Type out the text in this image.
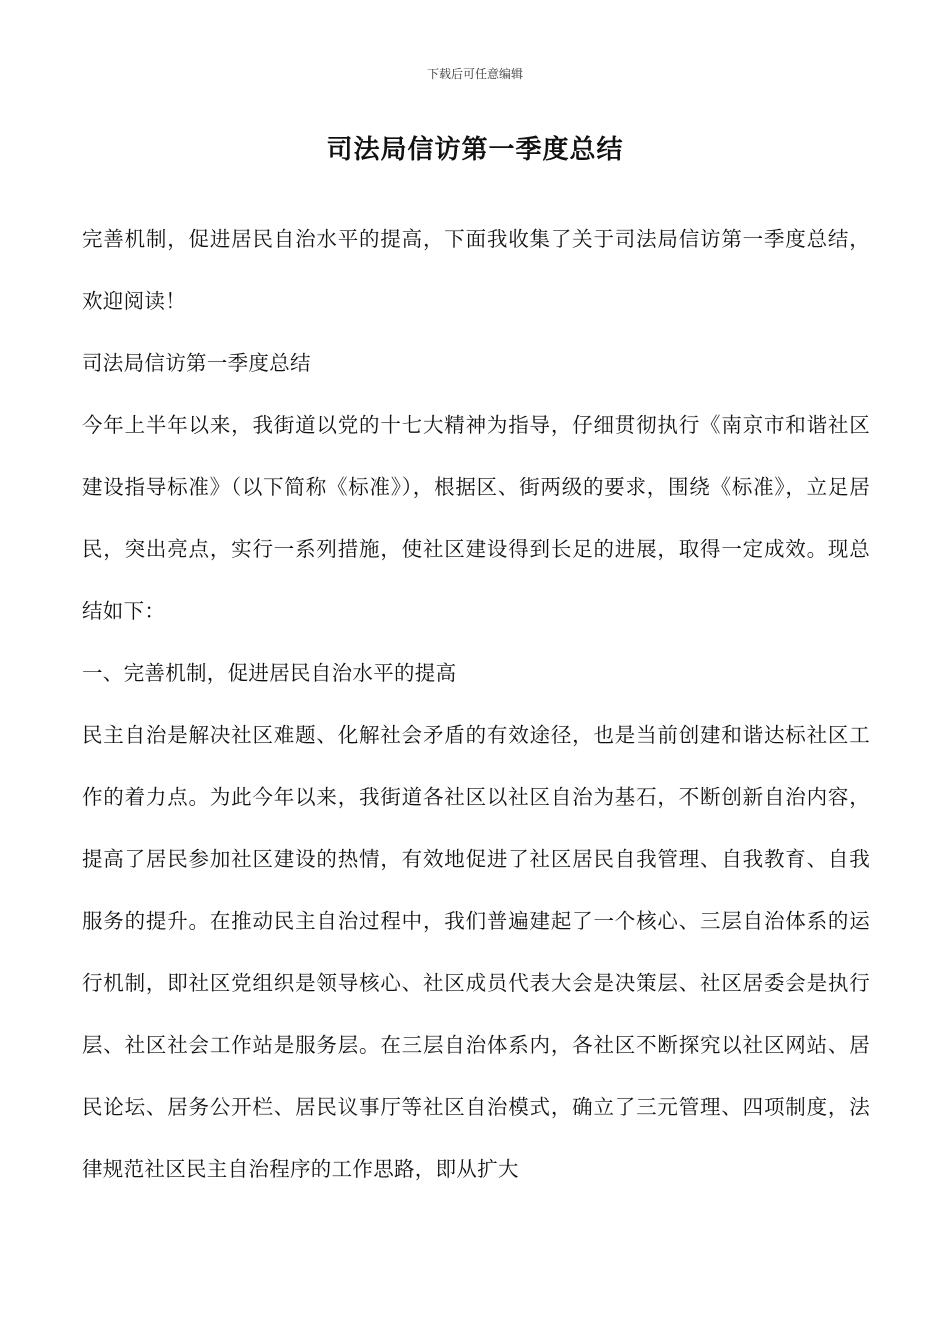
下载后可任意编辑
司法局信访第一季度总结

完善机制，促进居民自治水平的提高，下面我收集了关于司法局信访第一季度总结，欢迎阅读！

司法局信访第一季度总结

今年上半年以来，我街道以党的十七大精神为指导，仔细贯彻执行《南京市和谐社区建设指导标准》（以下简称《标准》），根据区、街两级的要求，围绕《标准》，立足居民，突出亮点，实行一系列措施，使社区建设得到长足的进展，取得一定成效。现总结如下：

一、完善机制，促进居民自治水平的提高

民主自治是解决社区难题、化解社会矛盾的有效途径，也是当前创建和谐达标社区工作的着力点。为此今年以来，我街道各社区以社区自治为基石，不断创新自治内容，提高了居民参加社区建设的热情，有效地促进了社区居民自我管理、自我教育、自我服务的提升。在推动民主自治过程中，我们普遍建起了一个核心、三层自治体系的运行机制，即社区党组织是领导核心、社区成员代表大会是决策层、社区居委会是执行层、社区社会工作站是服务层。在三层自治体系内，各社区不断探究以社区网站、居民论坛、居务公开栏、居民议事厅等社区自治模式，确立了三元管理、四项制度，法律规范社区民主自治程序的工作思路，即从扩大
